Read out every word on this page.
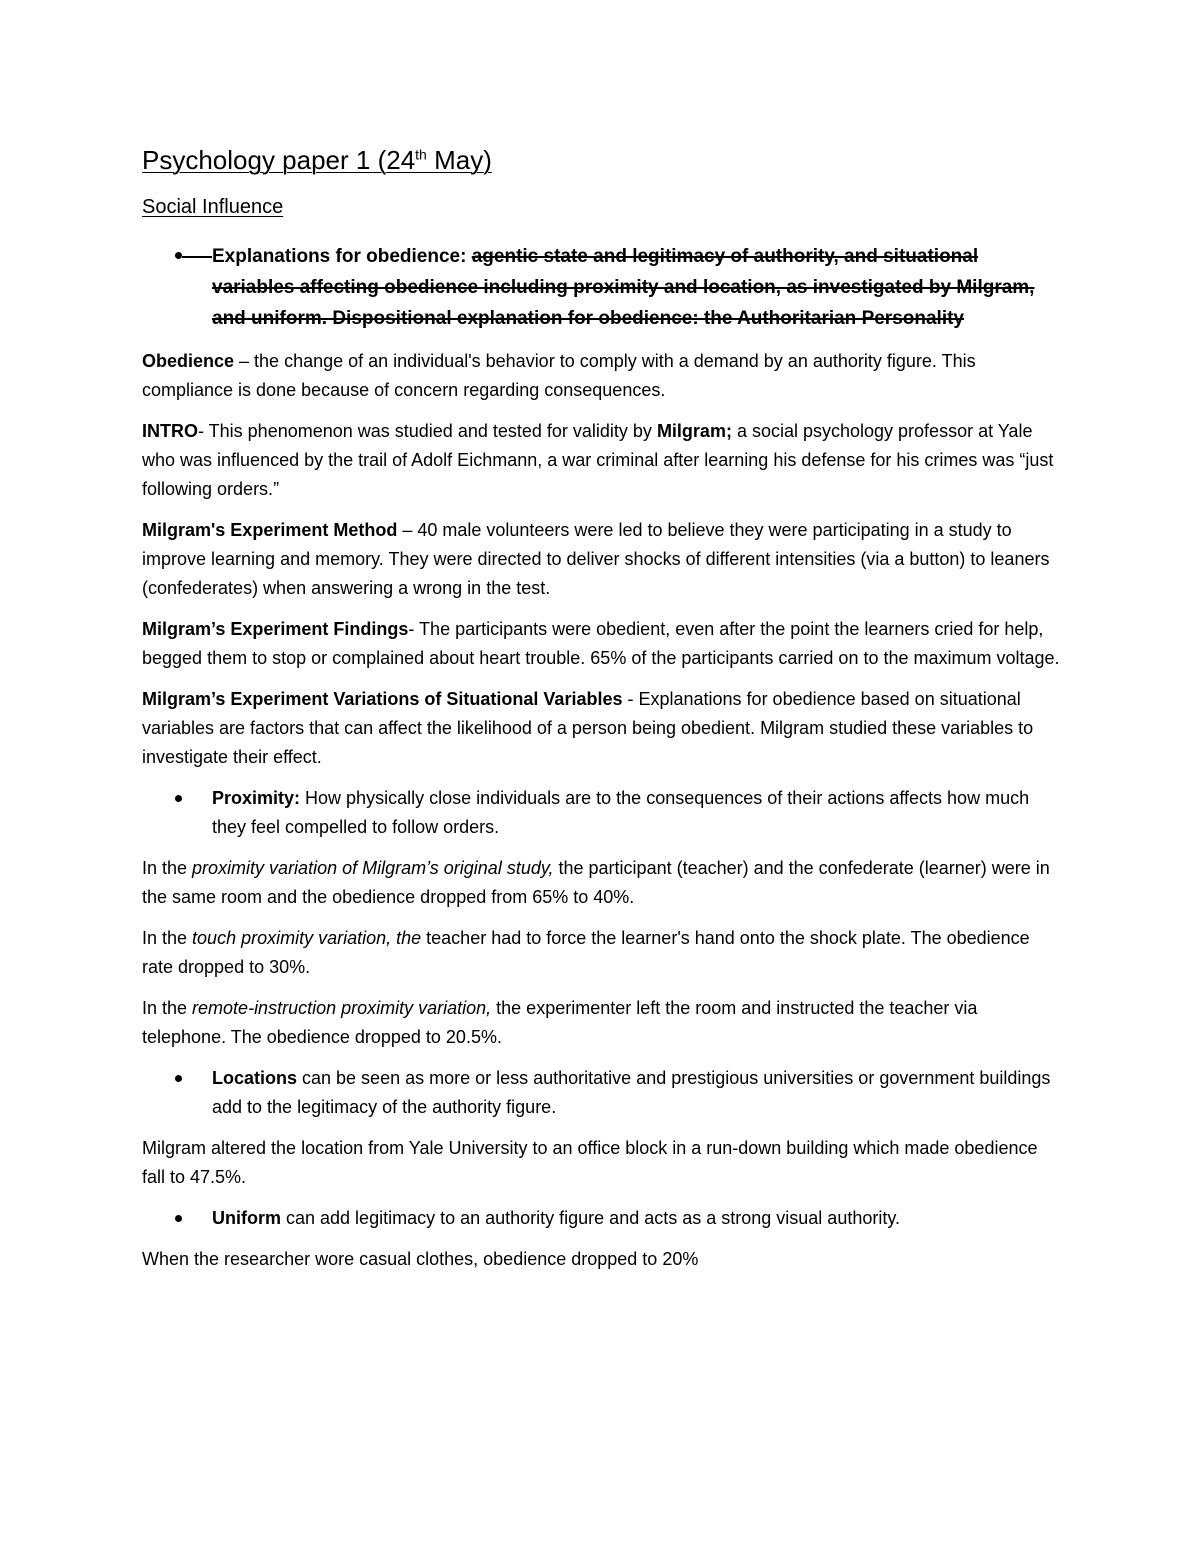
Psychology paper 1 (24th May)
Social Influence
Explanations for obedience: agentic state and legitimacy of authority, and situational variables affecting obedience including proximity and location, as investigated by Milgram, and uniform. Dispositional explanation for obedience: the Authoritarian Personality

Obedience – the change of an individual's behavior to comply with a demand by an authority figure. This compliance is done because of concern regarding consequences.

INTRO- This phenomenon was studied and tested for validity by Milgram; a social psychology professor at Yale who was influenced by the trail of Adolf Eichmann, a war criminal after learning his defense for his crimes was “just following orders.”

Milgram's Experiment Method – 40 male volunteers were led to believe they were participating in a study to improve learning and memory. They were directed to deliver shocks of different intensities (via a button) to leaners (confederates) when answering a wrong in the test.

Milgram’s Experiment Findings- The participants were obedient, even after the point the learners cried for help, begged them to stop or complained about heart trouble. 65% of the participants carried on to the maximum voltage.

Milgram’s Experiment Variations of Situational Variables - Explanations for obedience based on situational variables are factors that can affect the likelihood of a person being obedient. Milgram studied these variables to investigate their effect.

Proximity: How physically close individuals are to the consequences of their actions affects how much they feel compelled to follow orders.

In the proximity variation of Milgram’s original study, the participant (teacher) and the confederate (learner) were in the same room and the obedience dropped from 65% to 40%.

In the touch proximity variation, the teacher had to force the learner's hand onto the shock plate. The obedience rate dropped to 30%.

In the remote-instruction proximity variation, the experimenter left the room and instructed the teacher via telephone. The obedience dropped to 20.5%.

Locations can be seen as more or less authoritative and prestigious universities or government buildings add to the legitimacy of the authority figure.

Milgram altered the location from Yale University to an office block in a run-down building which made obedience fall to 47.5%.

Uniform can add legitimacy to an authority figure and acts as a strong visual authority.

When the researcher wore casual clothes, obedience dropped to 20%
